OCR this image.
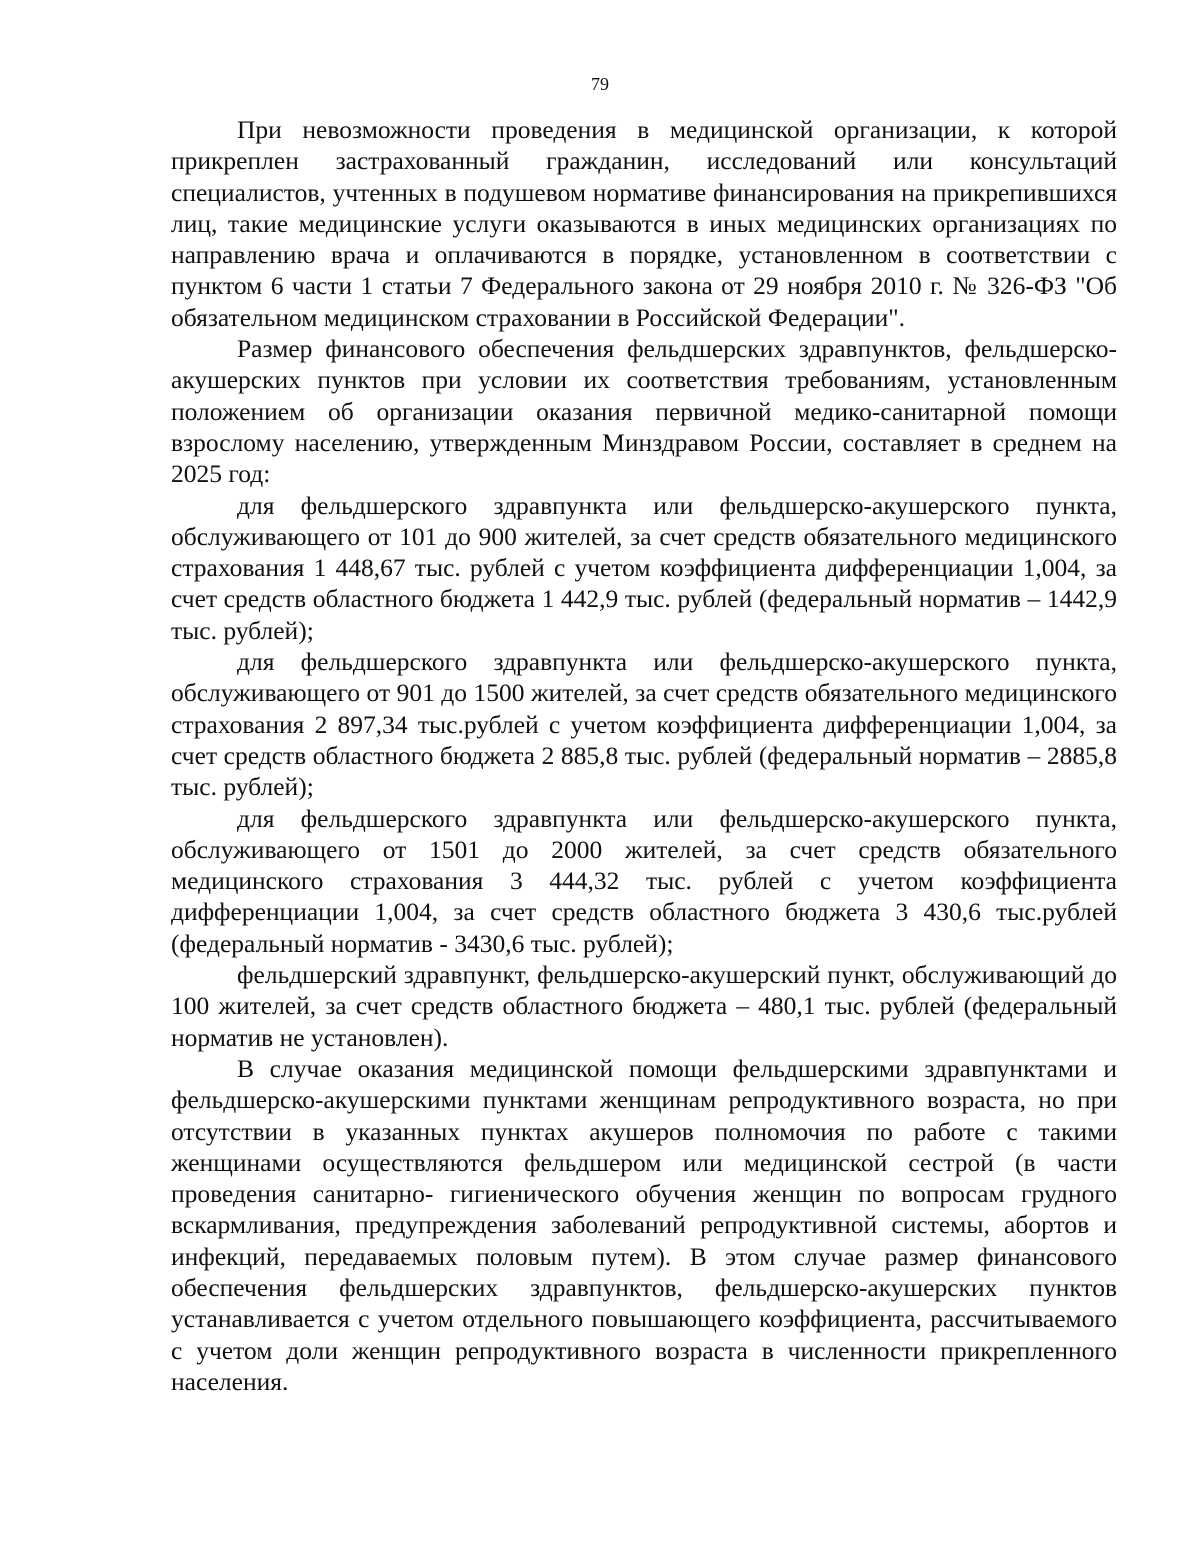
79

При невозможности проведения в медицинской организации, к которой прикреплен застрахованный гражданин, исследований или консультаций специалистов, учтенных в подушевом нормативе финансирования на прикрепившихся лиц, такие медицинские услуги оказываются в иных медицинских организациях по направлению врача и оплачиваются в порядке, установленном в соответствии с пунктом 6 части 1 статьи 7 Федерального закона от 29 ноября 2010 г. № 326-ФЗ "Об обязательном медицинском страховании в Российской Федерации".

Размер финансового обеспечения фельдшерских здравпунктов, фельдшерско-акушерских пунктов при условии их соответствия требованиям, установленным положением об организации оказания первичной медико-санитарной помощи взрослому населению, утвержденным Минздравом России, составляет в среднем на 2025 год:

для фельдшерского здравпункта или фельдшерско-акушерского пункта, обслуживающего от 101 до 900 жителей, за счет средств обязательного медицинского страхования 1 448,67 тыс. рублей с учетом коэффициента дифференциации 1,004, за счет средств областного бюджета 1 442,9 тыс. рублей (федеральный норматив – 1442,9 тыс. рублей);

для фельдшерского здравпункта или фельдшерско-акушерского пункта, обслуживающего от 901 до 1500 жителей, за счет средств обязательного медицинского страхования 2 897,34 тыс.рублей с учетом коэффициента дифференциации 1,004, за счет средств областного бюджета 2 885,8 тыс. рублей (федеральный норматив – 2885,8 тыс. рублей);

для фельдшерского здравпункта или фельдшерско-акушерского пункта, обслуживающего от 1501 до 2000 жителей, за счет средств обязательного медицинского страхования 3 444,32 тыс. рублей с учетом коэффициента дифференциации 1,004, за счет средств областного бюджета 3 430,6 тыс.рублей (федеральный норматив - 3430,6 тыс. рублей);

фельдшерский здравпункт, фельдшерско-акушерский пункт, обслуживающий до 100 жителей, за счет средств областного бюджета – 480,1 тыс. рублей (федеральный норматив не установлен).

В случае оказания медицинской помощи фельдшерскими здравпунктами и фельдшерско-акушерскими пунктами женщинам репродуктивного возраста, но при отсутствии в указанных пунктах акушеров полномочия по работе с такими женщинами осуществляются фельдшером или медицинской сестрой (в части проведения санитарно- гигиенического обучения женщин по вопросам грудного вскармливания, предупреждения заболеваний репродуктивной системы, абортов и инфекций, передаваемых половым путем). В этом случае размер финансового обеспечения фельдшерских здравпунктов, фельдшерско-акушерских пунктов устанавливается с учетом отдельного повышающего коэффициента, рассчитываемого с учетом доли женщин репродуктивного возраста в численности прикрепленного населения.
